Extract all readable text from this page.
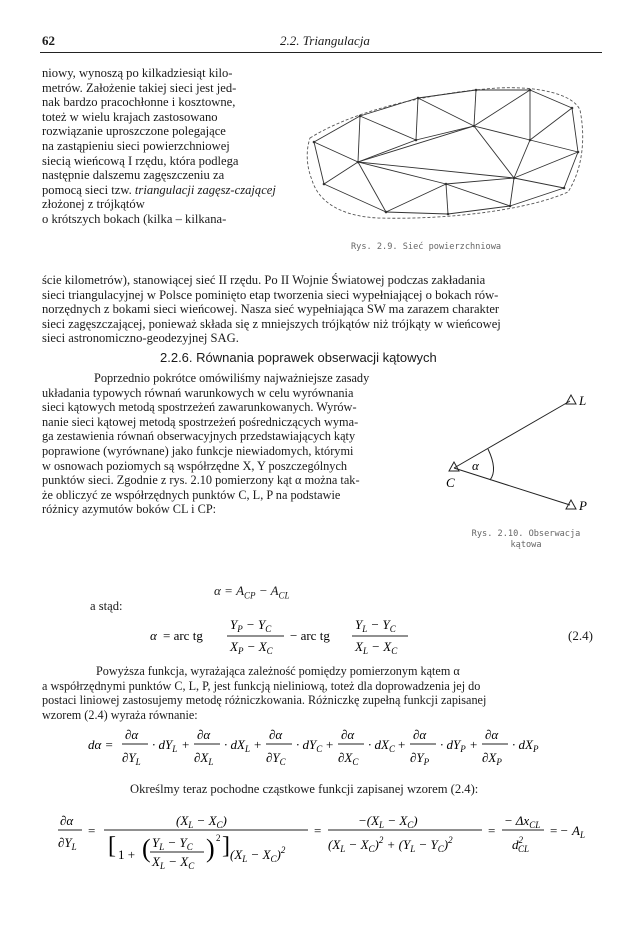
62	2.2. Triangulacja
Rys. 2.9. Sieć powierzchniowa
niowy, wynoszą po kilkadziesiąt kilo-
metrów. Założenie takiej sieci jest jed-
nak bardzo pracochłonne i kosztowne,
toteż w wielu krajach zastosowano
rozwiązanie uproszczone polegające
na zastąpieniu sieci powierzchniowej
siecią wieńcową I rzędu, która podlega
następnie dalszemu zagęszczeniu za
pomocą sieci tzw. triangulacji zagęsz-czającej
złożonej z trójkątów
o krótszych bokach (kilka – kilkana-
ście kilometrów), stanowiącej sieć II rzędu. Po II Wojnie Światowej podczas zakładania
sieci triangulacyjnej w Polsce pominięto etap tworzenia sieci wypełniającej o bokach rów-
norzędnych z bokami sieci wieńcowej. Nasza sieć wypełniająca SW ma zarazem charakter
sieci zagęszczającej, ponieważ składa się z mniejszych trójkątów niż trójkąty w wieńcowej
sieci astronomiczno-geodezyjnej SAG.
2.2.6. Równania poprawek obserwacji kątowych
Poprzednio pokrótce omówiliśmy najważniejsze zasady
układania typowych równań warunkowych w celu wyrównania
sieci kątowych metodą spostrzeżeń zawarunkowanych. Wyrów-
nanie sieci kątowej metodą spostrzeżeń pośredniczących wyma-
ga zestawienia równań obserwacyjnych przedstawiających kąty
poprawione (wyrównane) jako funkcje niewiadomych, którymi
w osnowach poziomych są współrzędne X, Y poszczególnych
punktów sieci. Zgodnie z rys. 2.10 pomierzony kąt α można tak-
że obliczyć ze współrzędnych punktów C, L, P na podstawie
różnicy azymutów boków CL i CP:
L
P
C
α
Rys. 2.10. Obserwacja
kątowa
$\alpha = A_{CP} - A_{CL}$
a stąd:
α = arc tg
$Y_P - Y_C$
$X_P - X_C$
− arc tg
$Y_L - Y_C$
$X_L - X_C$
(2.4)
Powyższa funkcja, wyrażająca zależność pomiędzy pomierzonym kątem α
a współrzędnymi punktów C, L, P, jest funkcją nieliniową, toteż dla doprowadzenia jej do
postaci liniowej zastosujemy metodę różniczkowania. Różniczkę zupełną funkcji zapisanej
wzorem (2.4) wyraża równanie:
dα =
∂α
$\partial Y_L$
· $dY_L$ +
∂α
$\partial X_L$
· $dX_L$ +
∂α
$\partial Y_C$
· $dY_C$ +
∂α
$\partial X_C$
· $dX_C$ +
∂α
$\partial Y_P$
· $dY_P$ +
∂α
$\partial X_P$
· $dX_P$
Określmy teraz pochodne cząstkowe funkcji zapisanej wzorem (2.4):
∂α
$\partial Y_L$
=
$(X_L - X_C)$
[ 1 + ( $Y_L - Y_C$
$X_L - X_C$
) 2 ] $(X_L - X_C)^2$
=
$-(X_L - X_C)$
$(X_L - X_C)^2 + (Y_L - Y_C)^2$
=
− $\Delta x_{CL}$
$d^2$ CL
= − $A_L$
